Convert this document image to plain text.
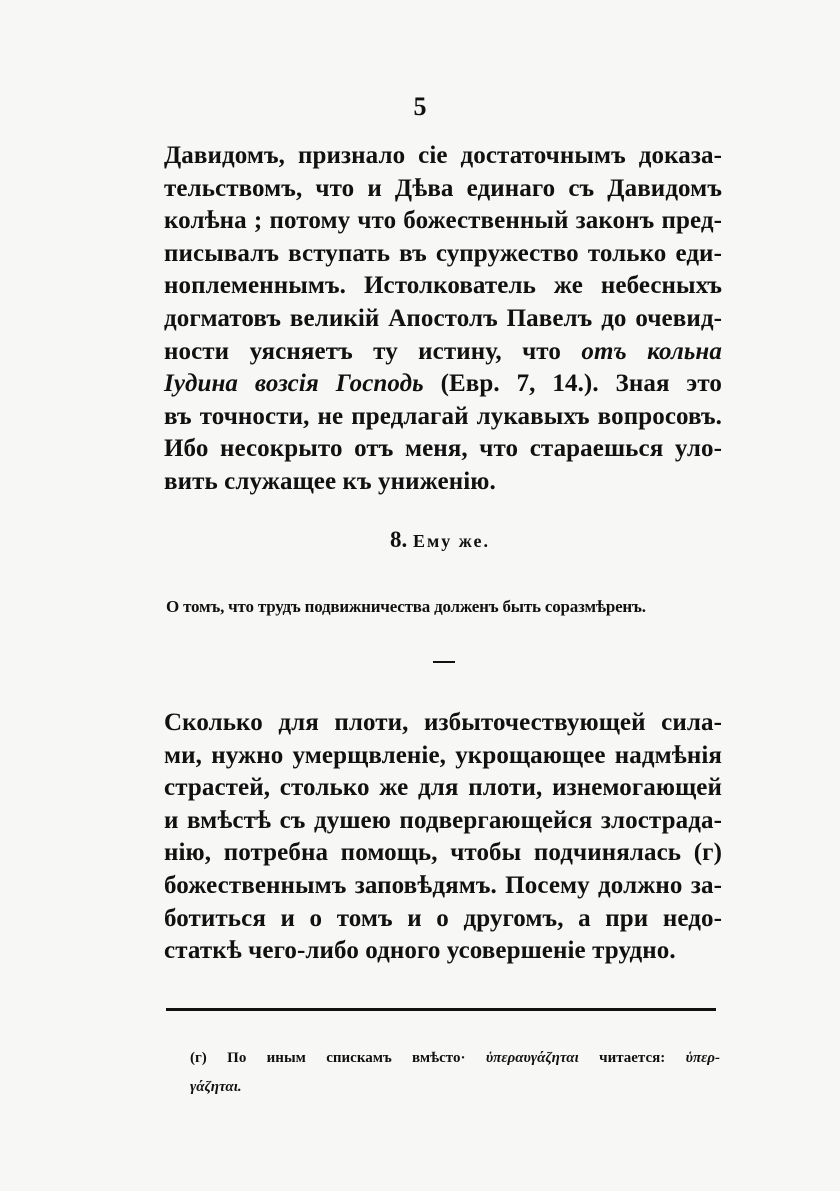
5
Давидомъ, призналo сie достаточнымъ доказа-
тельствомъ, что и Дѣва единаго съ Давидомъ
колѣна ; потому что божественный законъ пред-
писывалъ вступать въ супружество только еди-
ноплеменнымъ. Истолкователь же небесныхъ
догматовъ великiй Апостолъ Павелъ до очевид-
ности уясняетъ ту истину, что отъ кольна
Іудина возсiя Господь (Евр. 7, 14.). Зная это
въ точности, не предлагай лукавыхъ вопросовъ.
Ибо несокрыто отъ меня, что старaешься уло-
вить служащее къ униженiю.
8. Ему же.
О томъ, что трудъ подвижничества долженъ быть соразмѣренъ.
Сколько для плоти, избыточествующей сила-
ми, нужно умерщвленiе, укрощающее надмѣнiя
страстей, столько же для плоти, изнемогающей
и вмѣстѣ съ душею подвергающейся злострада-
нiю, потребна помощь, чтобы подчинялась (г)
божественнымъ заповѣдямъ. Посему должно за-
ботиться и о томъ и о другомъ, а при недо-
статкѣ чего-либо одного усовершенiе трудно.
(г) По иным спискамъ вмѣсто· ὑπεραυγάζηται читается: ὑπερ-
γάζηται.
